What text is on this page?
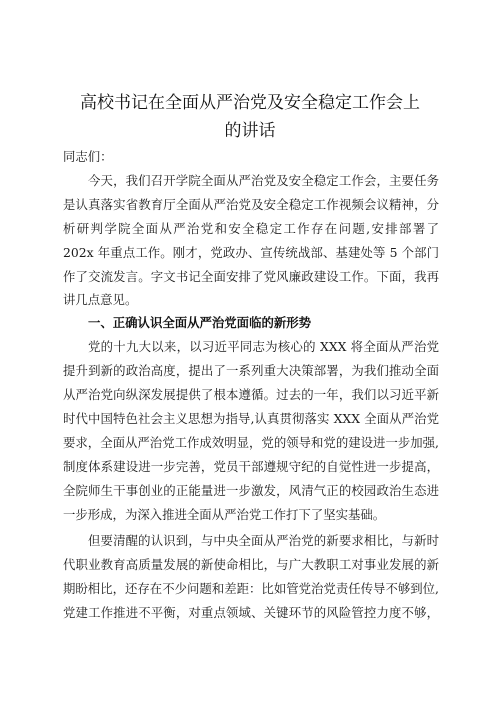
高校书记在全面从严治党及安全稳定工作会上
的讲话
同志们：
今天，我们召开学院全面从严治党及安全稳定工作会，主要任务
是认真落实省教育厅全面从严治党及安全稳定工作视频会议精神，分
析研判学院全面从严治党和安全稳定工作存在问题,安排部署了
202x 年重点工作。刚才，党政办、宣传统战部、基建处等 5 个部门
作了交流发言。字文书记全面安排了党风廉政建设工作。下面，我再
讲几点意见。
一、正确认识全面从严治党面临的新形势
党的十九大以来，以习近平同志为核心的 XXX 将全面从严治党
提升到新的政治高度，提出了一系列重大决策部署，为我们推动全面
从严治党向纵深发展提供了根本遵循。过去的一年，我们以习近平新
时代中国特色社会主义思想为指导,认真贯彻落实 XXX 全面从严治党
要求，全面从严治党工作成效明显，党的领导和党的建设进一步加强,
制度体系建设进一步完善，党员干部遵规守纪的自觉性进一步提高，
全院师生干事创业的正能量进一步激发，风清气正的校园政治生态进
一步形成，为深入推进全面从严治党工作打下了坚实基础。
但要清醒的认识到，与中央全面从严治党的新要求相比，与新时
代职业教育高质量发展的新使命相比，与广大教职工对事业发展的新
期盼相比，还存在不少问题和差距：比如管党治党责任传导不够到位,
党建工作推进不平衡，对重点领域、关键环节的风险管控力度不够，
